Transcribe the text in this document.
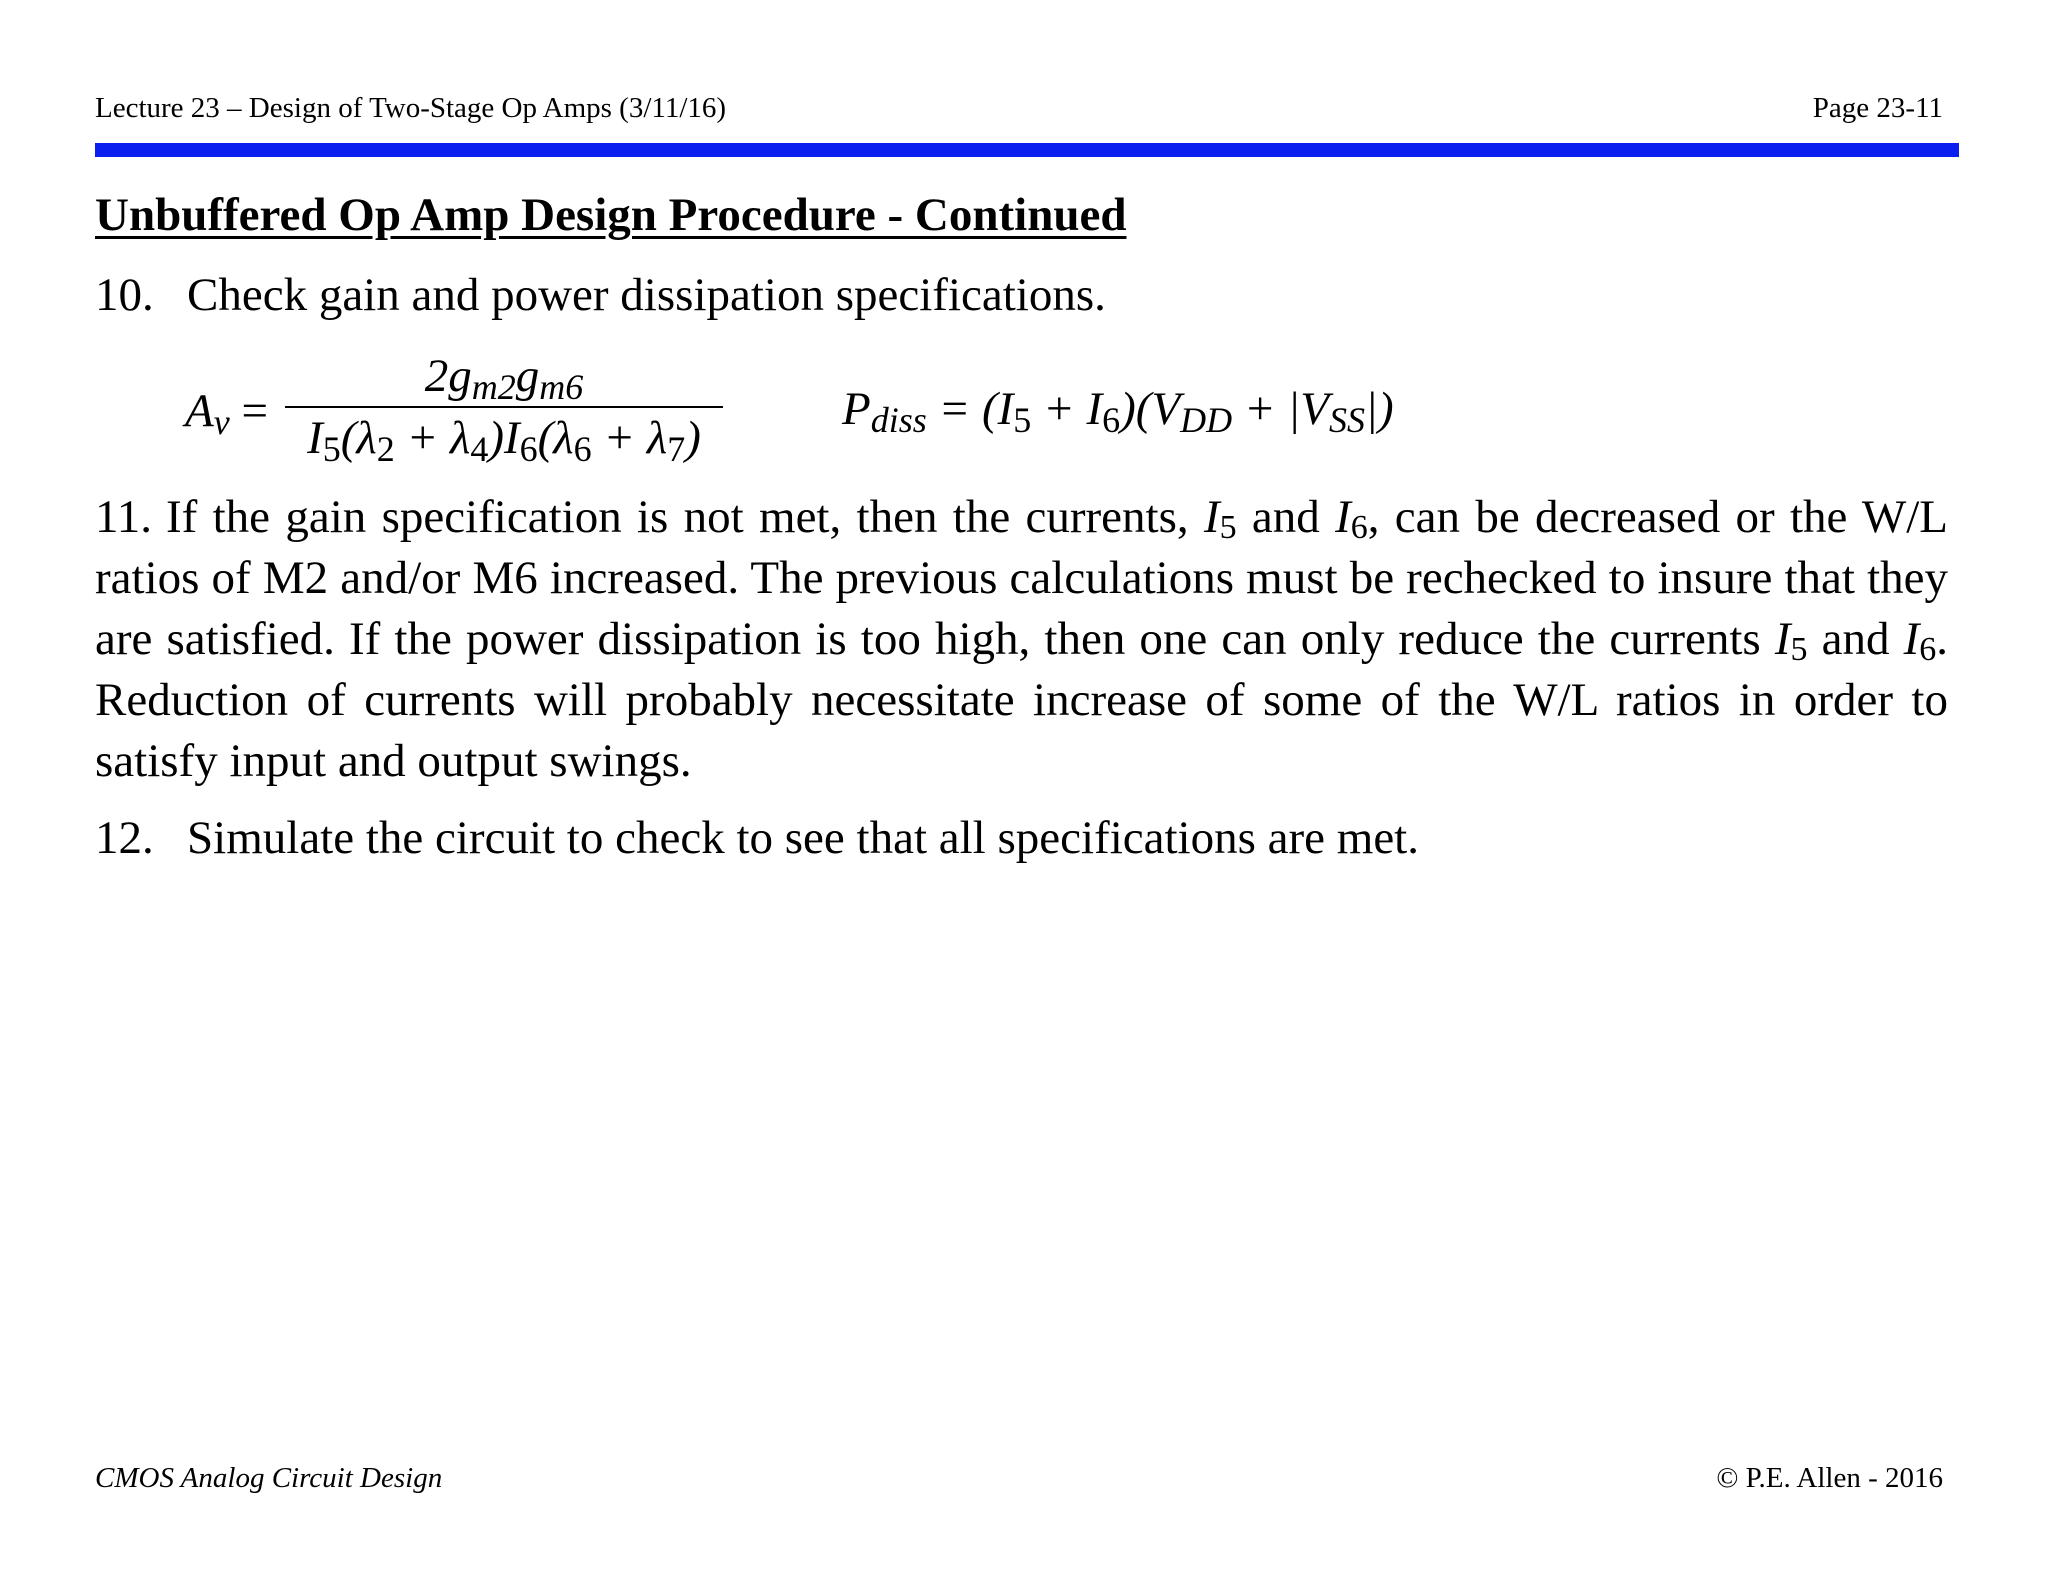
Lecture 23 – Design of Two-Stage Op Amps (3/11/16)	Page 23-11
Unbuffered Op Amp Design Procedure - Continued
10. Check gain and power dissipation specifications.
$A_v$ =
$2g_{m2}g_{m6}$
$I_5(\lambda_2 + \lambda_4)I_6(\lambda_6 + \lambda_7)$
$P_{diss} = (I_5 + I_6)(V_{DD} + |V_{SS}|)$
11. If the gain specification is not met, then the currents, $I_5$ and $I_6$, can be decreased or the W/L ratios of M2 and/or M6 increased. The previous calculations must be rechecked to insure that they are satisfied. If the power dissipation is too high, then one can only reduce the currents $I_5$ and $I_6$. Reduction of currents will probably necessitate increase of some of the W/L ratios in order to satisfy input and output swings.
12. Simulate the circuit to check to see that all specifications are met.
CMOS Analog Circuit Design	© P.E. Allen - 2016
